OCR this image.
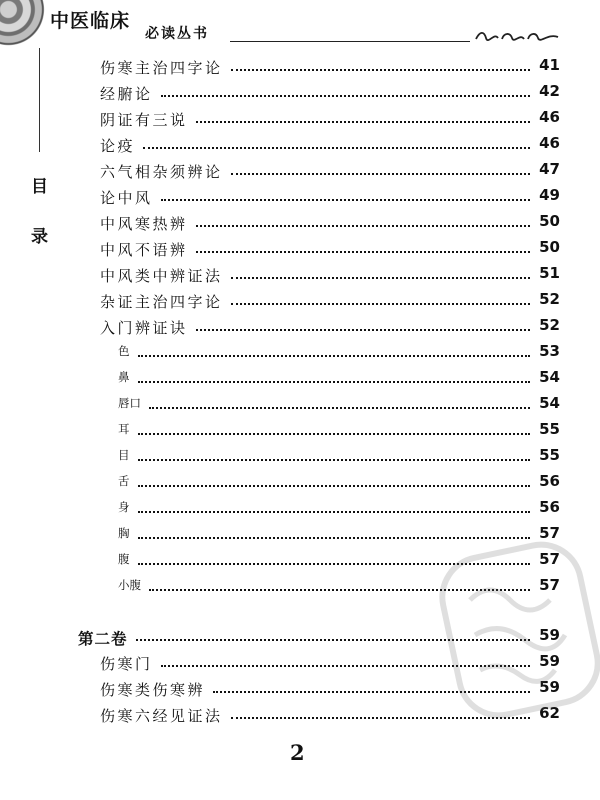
中医临床
必读丛书
目
录
伤寒主治四字论	41
经腑论	42
阴证有三说	46
论疫	46
六气相杂须辨论	47
论中风	49
中风寒热辨	50
中风不语辨	50
中风类中辨证法	51
杂证主治四字论	52
入门辨证诀	52
色	53
鼻	54
唇口	54
耳	55
目	55
舌	56
身	56
胸	57
腹	57
小腹	57
第二卷	59
伤寒门	59
伤寒类伤寒辨	59
伤寒六经见证法	62
2
